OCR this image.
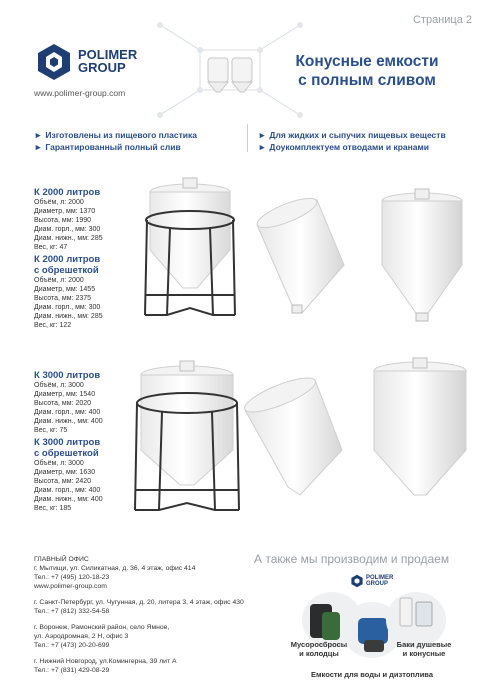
Страница 2
POLIMER
GROUP
www.polimer-group.com
Конусные емкости
с полным сливом
► Изготовлены из пищевого пластика
► Гарантированный полный слив
► Для жидких и сыпучих пищевых веществ
► Доукомплектуем отводами и кранами
К 2000 литров
Объём, л: 2000
Диаметр, мм: 1370
Высота, мм: 1990
Диам. горл., мм: 300
Диам. нижн., мм: 285
Вес, кг: 47
К 2000 литров
с обрешеткой
Объём, л: 2000
Диаметр, мм: 1455
Высота, мм: 2375
Диам. горл., мм: 300
Диам. нижн., мм: 285
Вес, кг: 122
К 3000 литров
Объём, л: 3000
Диаметр, мм: 1540
Высота, мм: 2020
Диам. горл., мм: 400
Диам. нижн., мм: 400
Вес, кг: 75
К 3000 литров
с обрешеткой
Объём, л: 3000
Диаметр, мм: 1630
Высота, мм: 2420
Диам. горл., мм: 400
Диам. нижн., мм: 400
Вес, кг: 185
ГЛАВНЫЙ ОФИС
г. Мытищи, ул. Силикатная, д. 36, 4 этаж, офис 414
Тел.: +7 (495) 120-18-23
www.polimer-group.com
г. Санкт-Петербург, ул. Чугунная, д. 20, литера 3, 4 этаж, офис 430
Тел.: +7 (812) 332-54-58
г. Воронеж, Рамонский район, село Ямное,
ул. Аэродромная, 2 Н, офис 3
Тел.: +7 (473) 20-20-699
г. Нижний Новгород, ул.Комингерна, 39 лит А
Тел.: +7 (831) 429-08-29
А также мы производим и продаем
POLIMER
GROUP
Мусоросбросы
и колодцы
Баки душевые
и конусные
Емкости для воды и дизтоплива
